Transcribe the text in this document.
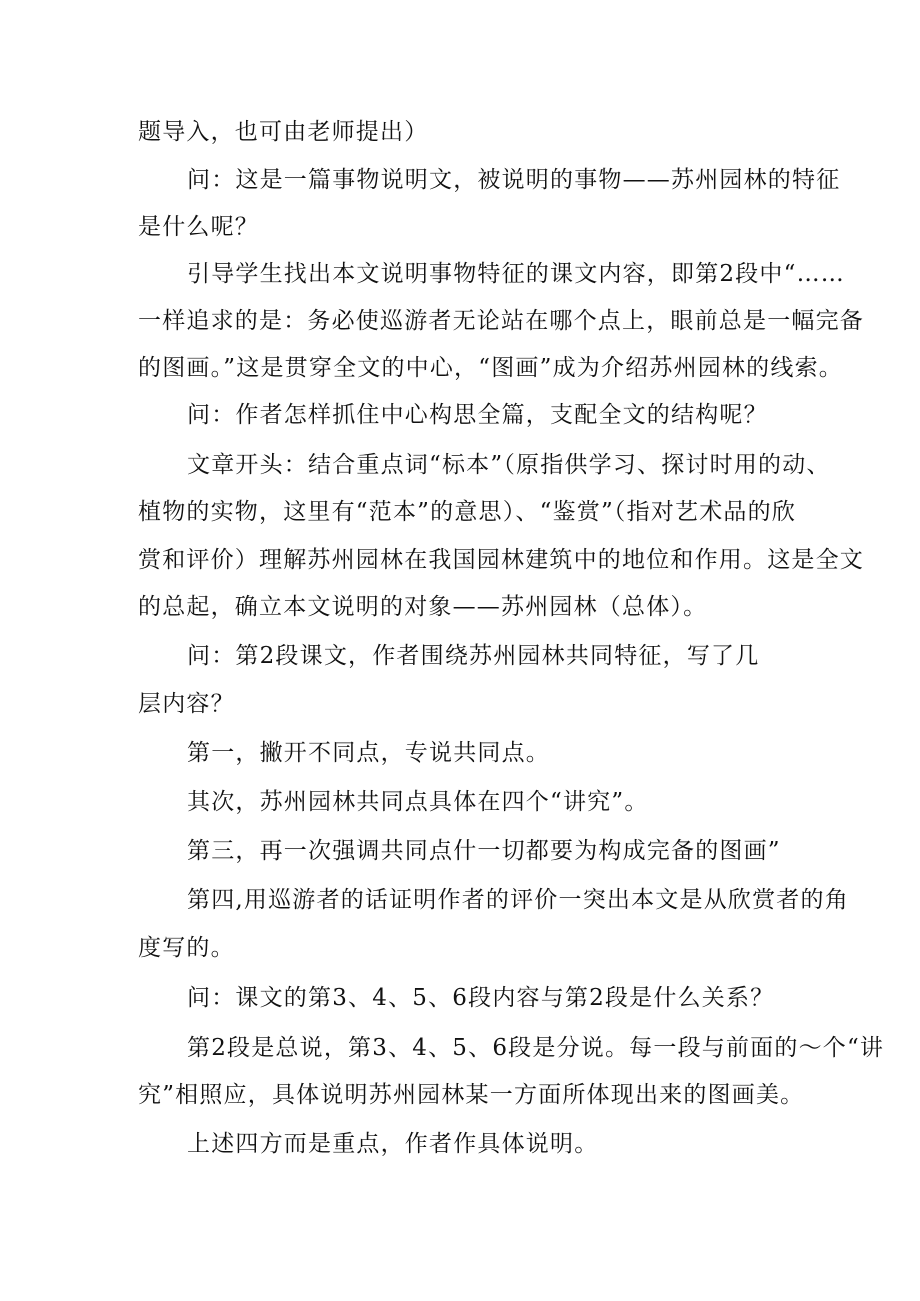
题导入，也可由老师提出）
问：这是一篇事物说明文，被说明的事物——苏州园林的特征
是什么呢？
引导学生找出本文说明事物特征的课文内容，即第2段中“……
一样追求的是：务必使巡游者无论站在哪个点上，眼前总是一幅完备
的图画。”这是贯穿全文的中心，“图画”成为介绍苏州园林的线索。
问：作者怎样抓住中心构思全篇，支配全文的结构呢？
文章开头：结合重点词“标本”（原指供学习、探讨时用的动、
植物的实物，这里有“范本”的意思）、“鉴赏”（指对艺术品的欣
赏和评价）理解苏州园林在我国园林建筑中的地位和作用。这是全文
的总起，确立本文说明的对象——苏州园林（总体）。
问：第2段课文，作者围绕苏州园林共同特征，写了几
层内容？
第一，撇开不同点，专说共同点。
其次，苏州园林共同点具体在四个“讲究”。
第三，再一次强调共同点什一切都要为构成完备的图画”
第四,用巡游者的话证明作者的评价一突出本文是从欣赏者的角
度写的。
问：课文的第3、4、5、6段内容与第2段是什么关系？
第2段是总说，第3、4、5、6段是分说。每一段与前面的～个“讲
究”相照应，具体说明苏州园林某一方面所体现出来的图画美。
上述四方而是重点，作者作具体说明。
